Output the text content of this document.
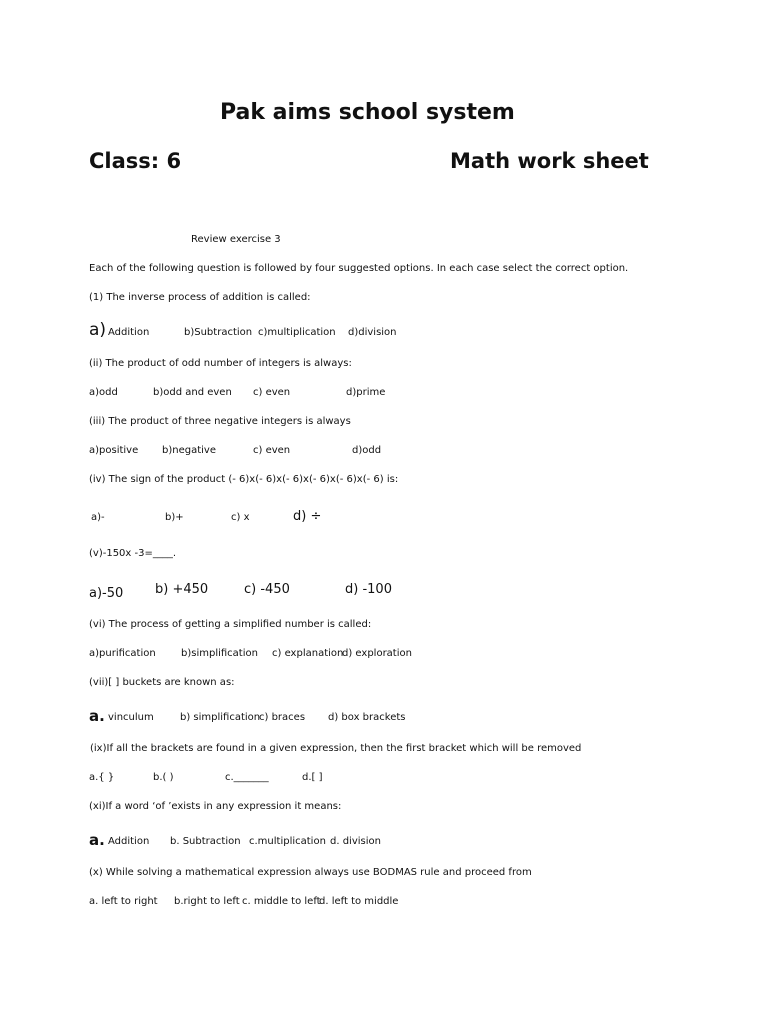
Pak aims school system
Class: 6	Math work sheet
Review exercise 3
Each of the following question is followed by four suggested options. In each case select the correct option.
(1) The inverse process of addition is called:
a) Addition	b)Subtraction c)multiplication d)division
(ii) The product of odd number of integers is always:
a)odd	b)odd and even c) even	d)prime
(iii) The product of three negative integers is always
a)positive b)negative	c) even	d)odd
(iv) The sign of the product (- 6)x(- 6)x(- 6)x(- 6)x(- 6)x(- 6) is:
a)-	b)+	c) x	d) ÷
(v)-150x -3=____.
a)-50 b) +450	c) -450	d) -100
(vi) The process of getting a simplified number is called:
a)purification	b)simplification c) explanation
d) exploration
(vii)[ ] buckets are known as:
a. vinculum	b) simplification
c) braces d) box brackets
(ix)If all the brackets are found in a given expression, then the first bracket which will be removed
a.{ }	b.( )	c._______	d.[ ]
(xi)If a word ‘of ’exists in any expression it means:
a. Addition b. Subtraction c.multiplication d. division
(x) While solving a mathematical expression always use BODMAS rule and proceed from
a. left to right b.right to left c. middle to left
d. left to middle
